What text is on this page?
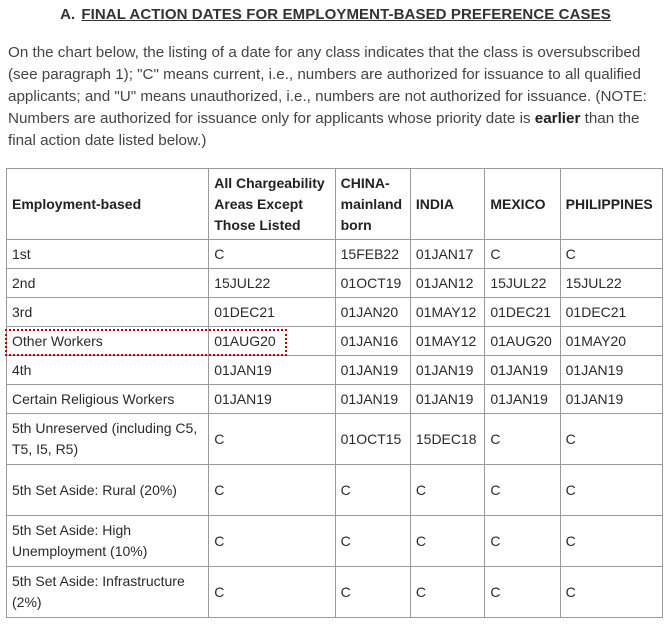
A. FINAL ACTION DATES FOR EMPLOYMENT-BASED PREFERENCE CASES
On the chart below, the listing of a date for any class indicates that the class is oversubscribed (see paragraph 1); "C" means current, i.e., numbers are authorized for issuance to all qualified applicants; and "U" means unauthorized, i.e., numbers are not authorized for issuance. (NOTE: Numbers are authorized for issuance only for applicants whose priority date is earlier than the final action date listed below.)
Employment-based	All Chargeability Areas Except Those Listed	CHINA-mainland born	INDIA	MEXICO	PHILIPPINES
1st	C	15FEB22	01JAN17	C	C
2nd	15JUL22	01OCT19	01JAN12	15JUL22	15JUL22
3rd	01DEC21	01JAN20	01MAY12	01DEC21	01DEC21
Other Workers	01AUG20	01JAN16	01MAY12	01AUG20	01MAY20
4th	01JAN19	01JAN19	01JAN19	01JAN19	01JAN19
Certain Religious Workers	01JAN19	01JAN19	01JAN19	01JAN19	01JAN19
5th Unreserved (including C5, T5, I5, R5)	C	01OCT15	15DEC18	C	C
5th Set Aside: Rural (20%)	C	C	C	C	C
5th Set Aside: High Unemployment (10%)	C	C	C	C	C
5th Set Aside: Infrastructure (2%)	C	C	C	C	C
